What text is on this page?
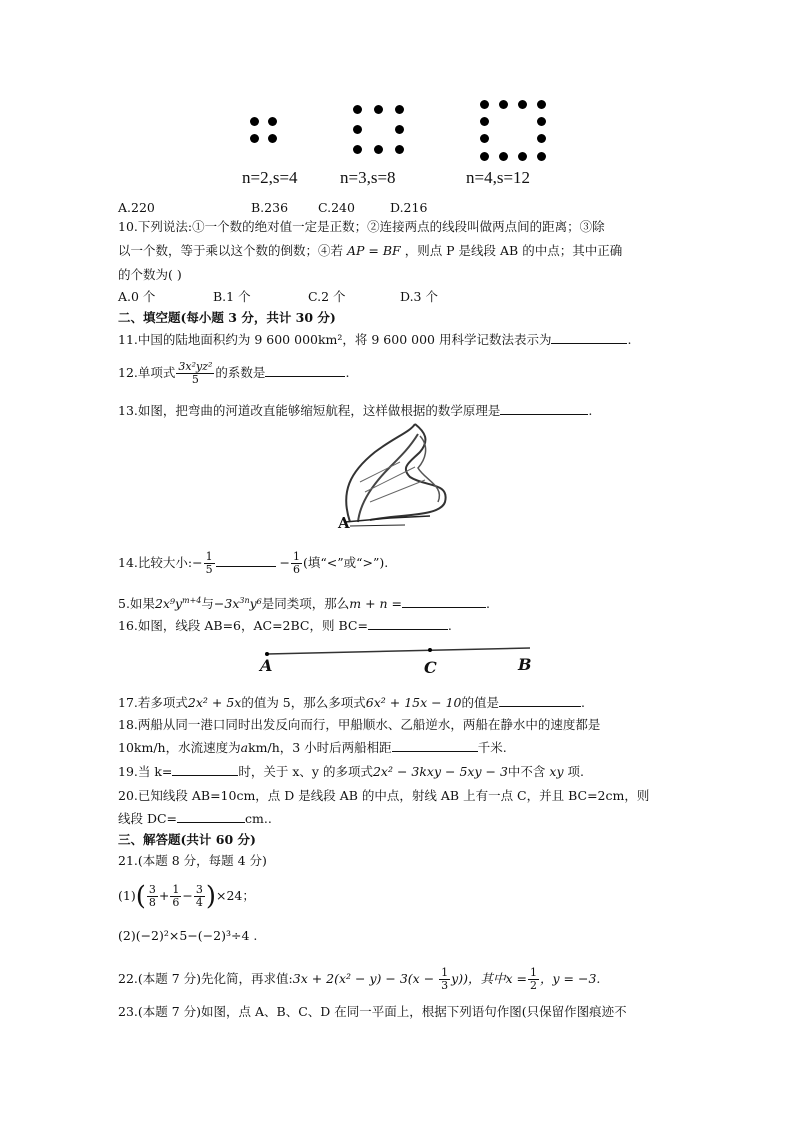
n=2,s=4 n=3,s=8	n=4,s=12
A.220	B.236 C.240	D.216
10.下列说法:①一个数的绝对值一定是正数；②连接两点的线段叫做两点间的距离；③除
以一个数，等于乘以这个数的倒数；④若 AP = BF ，则点 P 是线段 AB 的中点；其中正确
的个数为( )
A.0 个	B.1 个	C.2 个	D.3 个
二、填空题(每小题 3 分，共计 30 分)
11.中国的陆地面积约为 9 600 000km²，将 9 600 000 用科学记数法表示为	.
12.单项式 $\frac{\text{3x²yz²}}{5}$ 的系数是	.
13.如图，把弯曲的河道改直能够缩短航程，这样做根据的数学原理是	.
A
14.比较大小:− $\frac{1}{5}$	− $\frac{1}{6}$ (填“<”或“>”).
5.如果$2x^9y^{m+4}$与$-3x^{3n}y^6$是同类项，那么m + n =	.
16.如图，线段 AB=6，AC=2BC，则 BC=	.
A	C	B
17.若多项式2x² + 5x的值为 5，那么多项式6x² + 15x − 10的值是	.
18.两船从同一港口同时出发反向而行，甲船顺水、乙船逆水，两船在静水中的速度都是
10km/h，水流速度为akm/h，3 小时后两船相距	千米.
19.当 k=	时，关于 x、y 的多项式2x² − 3kxy − 5xy − 3中不含 xy 项.
20.已知线段 AB=10cm，点 D 是线段 AB 的中点，射线 AB 上有一点 C，并且 BC=2cm，则
线段 DC=	cm..
三、解答题(共计 60 分)
21.(本题 8 分，每题 4 分)
$(1)( \frac{3}{8} + \frac{1}{6} - \frac{3}{4} )\times 24$；
(2)(−2)²×5−(−2)³÷4 .
22.(本题 7 分)先化简，再求值:3x + $2(x^2 - y) - 3(x - \frac{1}{3} y)$)，其中$x = \frac{1}{2}$ ，y = −3.
23.(本题 7 分)如图，点 A、B、C、D 在同一平面上，根据下列语句作图(只保留作图痕迹不
